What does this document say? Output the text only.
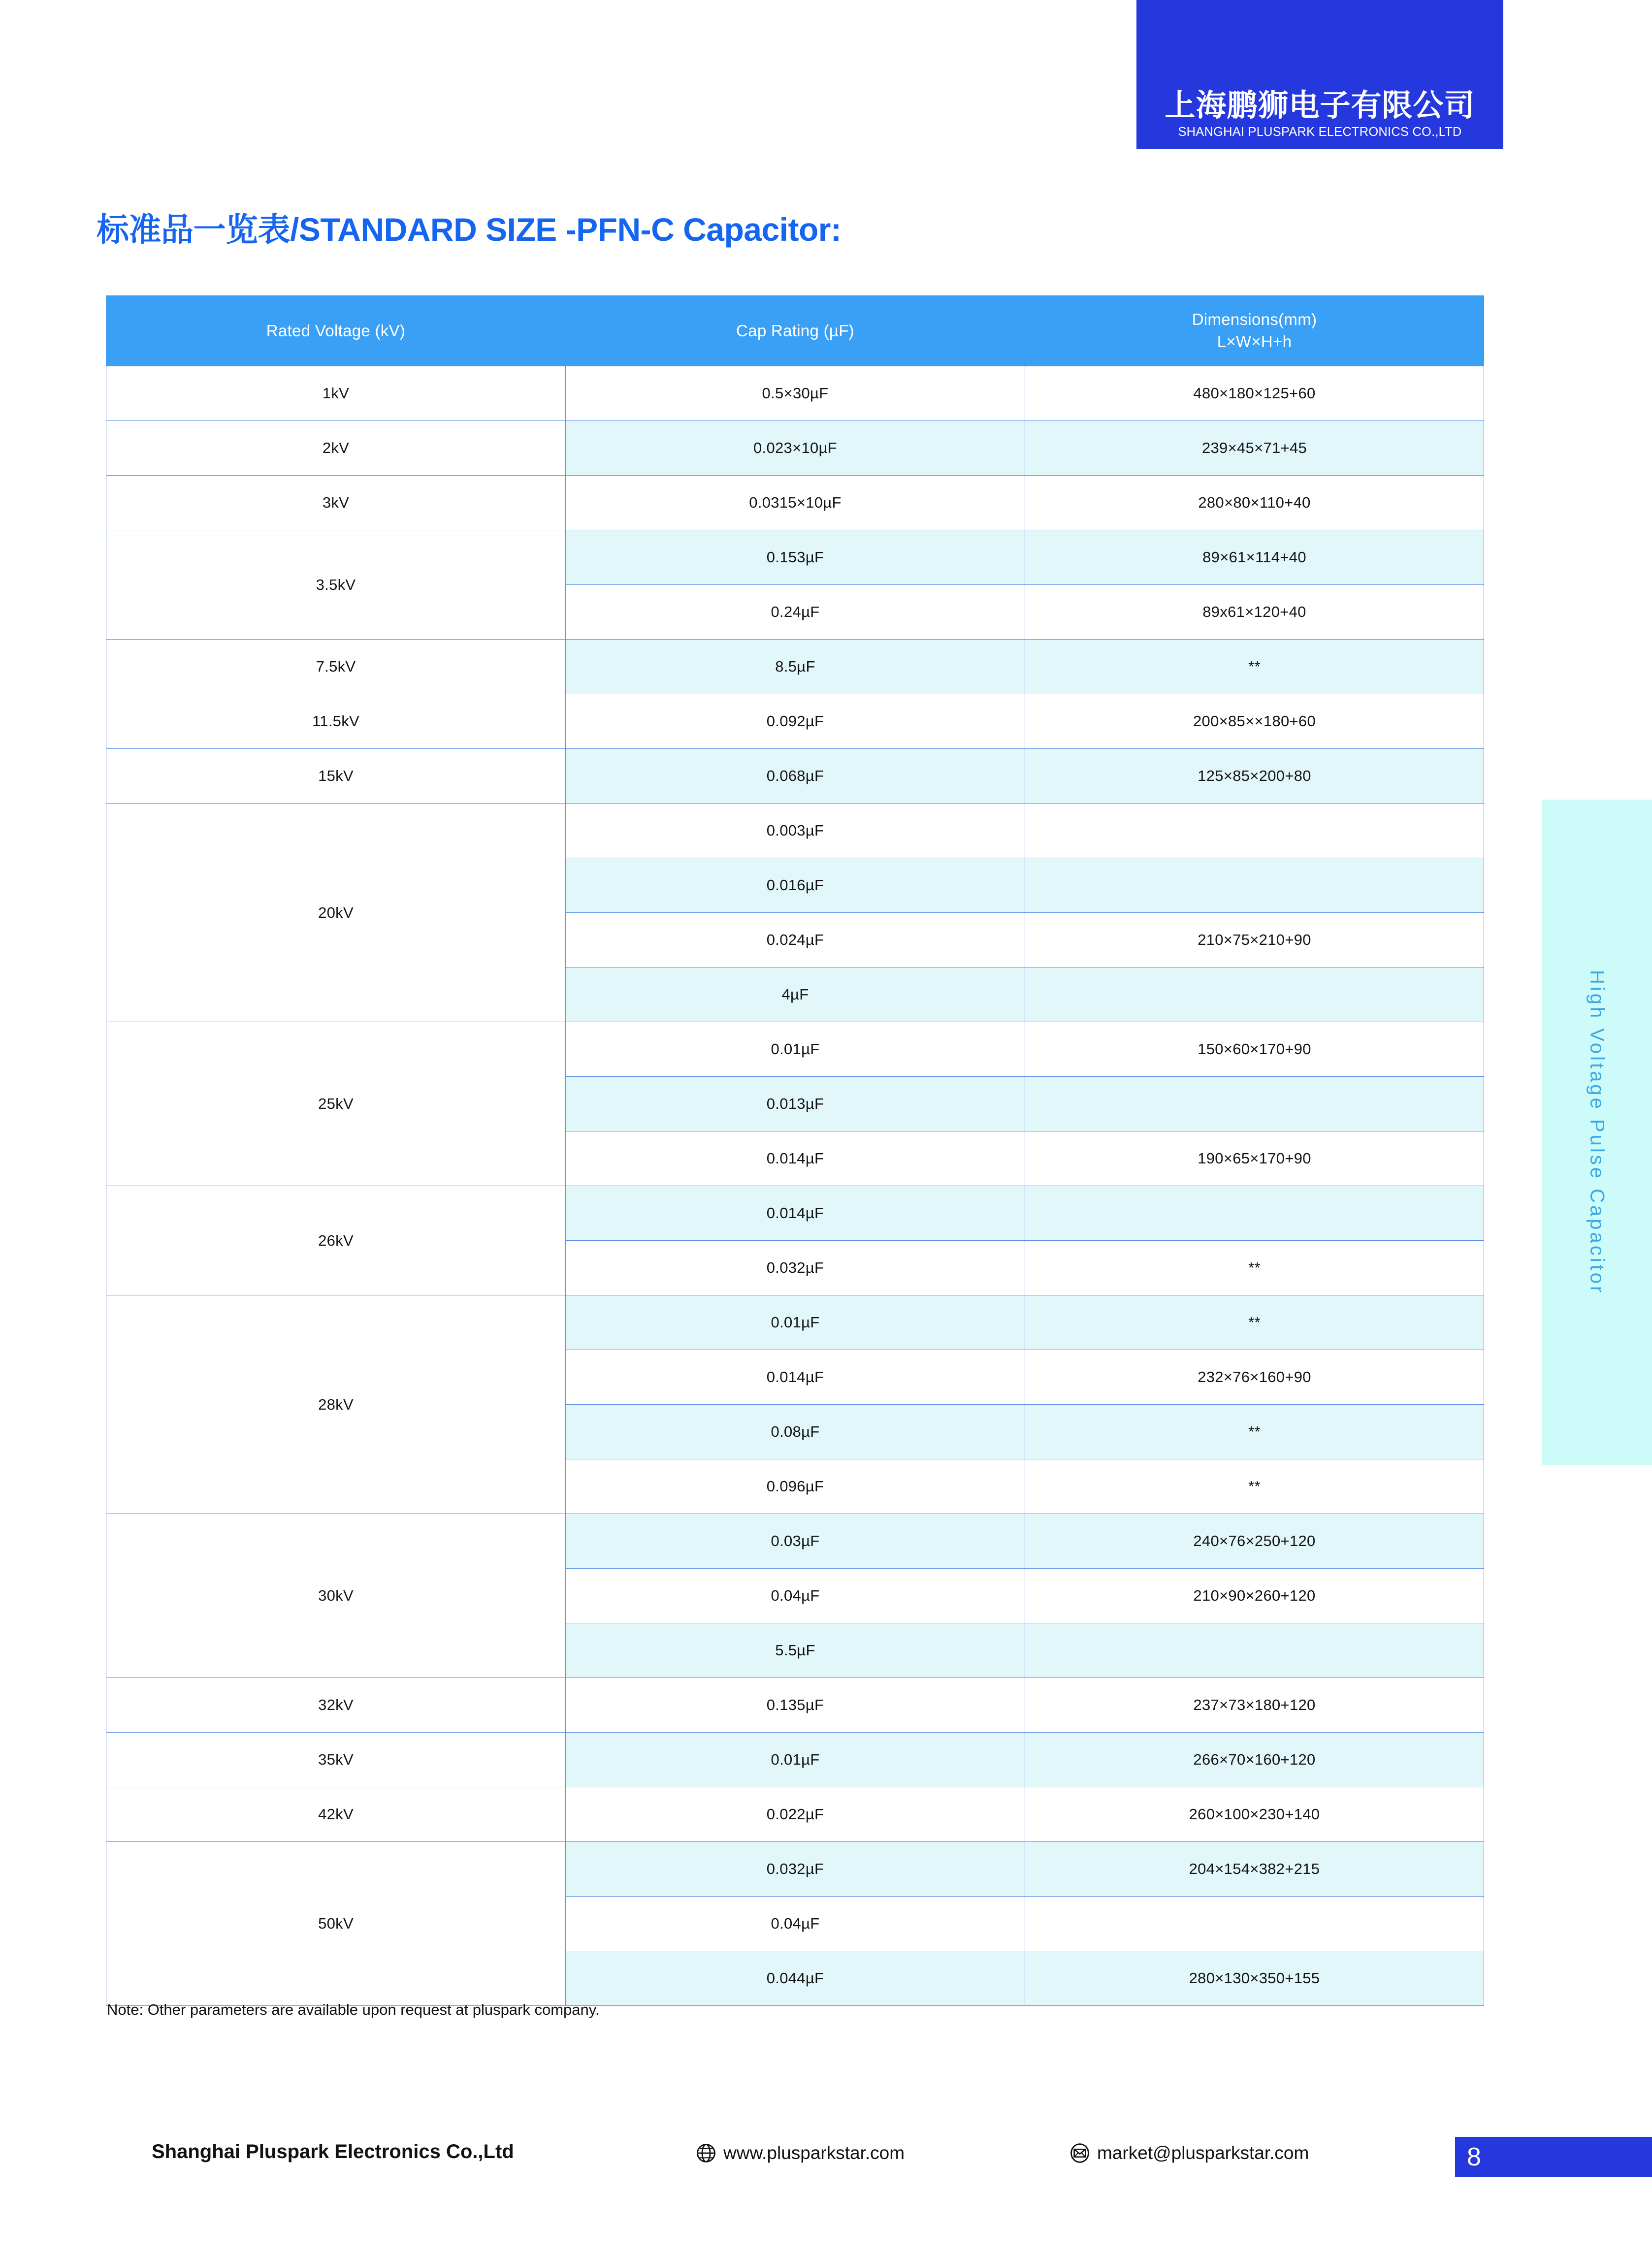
上海鹏狮电子有限公司
SHANGHAI PLUSPARK ELECTRONICS CO.,LTD
标准品一览表/STANDARD SIZE -PFN-C Capacitor:
High Voltage Pulse Capacitor
Rated Voltage (kV)	Cap Rating (µF)	Dimensions(mm)
L×W×H+h

1kV	0.5×30µF	480×180×125+60
2kV	0.023×10µF	239×45×71+45
3kV	0.0315×10µF	280×80×110+40
3.5kV	0.153µF	89×61×114+40
	0.24µF	89x61×120+40
7.5kV	8.5µF	**
11.5kV	0.092µF	200×85××180+60
15kV	0.068µF	125×85×200+80
20kV	0.003µF	
	0.016µF	
	0.024µF	210×75×210+90
	4µF	
25kV	0.01µF	150×60×170+90
	0.013µF	
	0.014µF	190×65×170+90
26kV	0.014µF	
	0.032µF	**
28kV	0.01µF	**
	0.014µF	232×76×160+90
	0.08µF	**
	0.096µF	**
30kV	0.03µF	240×76×250+120
	0.04µF	210×90×260+120
	5.5µF	
32kV	0.135µF	237×73×180+120
35kV	0.01µF	266×70×160+120
42kV	0.022µF	260×100×230+140
50kV	0.032µF	204×154×382+215
	0.04µF	
	0.044µF	280×130×350+155
Note: Other parameters are available upon request at pluspark company.
Shanghai Pluspark Electronics Co.,Ltd	www.plusparkstar.com	market@plusparkstar.com	8
